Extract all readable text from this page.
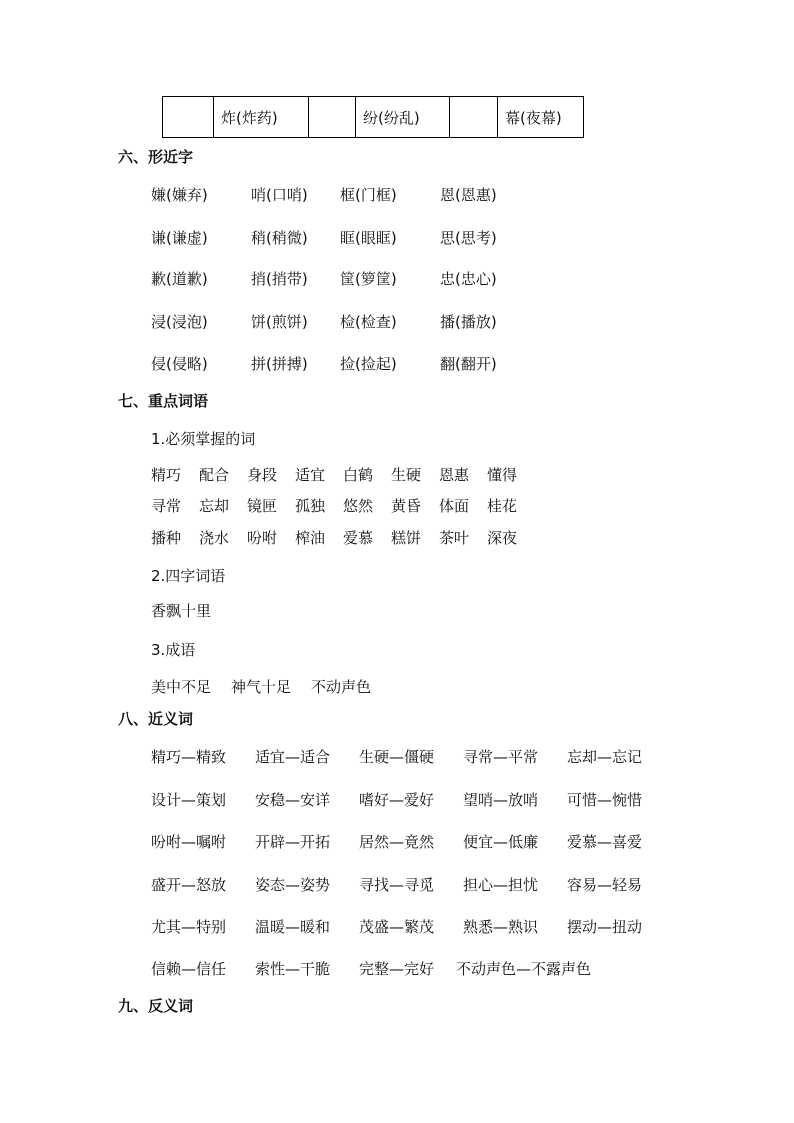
	炸(炸药)		纷(纷乱)		幕(夜幕)
六、形近字
嫌(嫌弃)	哨(口哨) 框(门框)	恩(恩惠)
谦(谦虚)	稍(稍微) 眶(眼眶)	思(思考)
歉(道歉)	捎(捎带) 筐(箩筐)	忠(忠心)
浸(浸泡)	饼(煎饼) 检(检查)	播(播放)
侵(侵略)	拼(拼搏) 捡(捡起)	翻(翻开)
七、重点词语
1.必须掌握的词
精巧 配合 身段 适宜 白鹤 生硬 恩惠 懂得
寻常 忘却 镜匣 孤独 悠然 黄昏 体面 桂花
播种 浇水 吩咐 榨油 爱慕 糕饼 茶叶 深夜
2.四字词语
香飘十里
3.成语
美中不足 神气十足 不动声色
八、近义词
精巧—精致 适宜—适合 生硬—僵硬 寻常—平常 忘却—忘记
设计—策划 安稳—安详 嗜好—爱好 望哨—放哨 可惜—惋惜
吩咐—嘱咐 开辟—开拓 居然—竟然 便宜—低廉 爱慕—喜爱
盛开—怒放 姿态—姿势 寻找—寻觅 担心—担忧 容易—轻易
尤其—特别 温暖—暖和 茂盛—繁茂 熟悉—熟识 摆动—扭动
信赖—信任 索性—干脆 完整—完好 不动声色—不露声色
九、反义词
